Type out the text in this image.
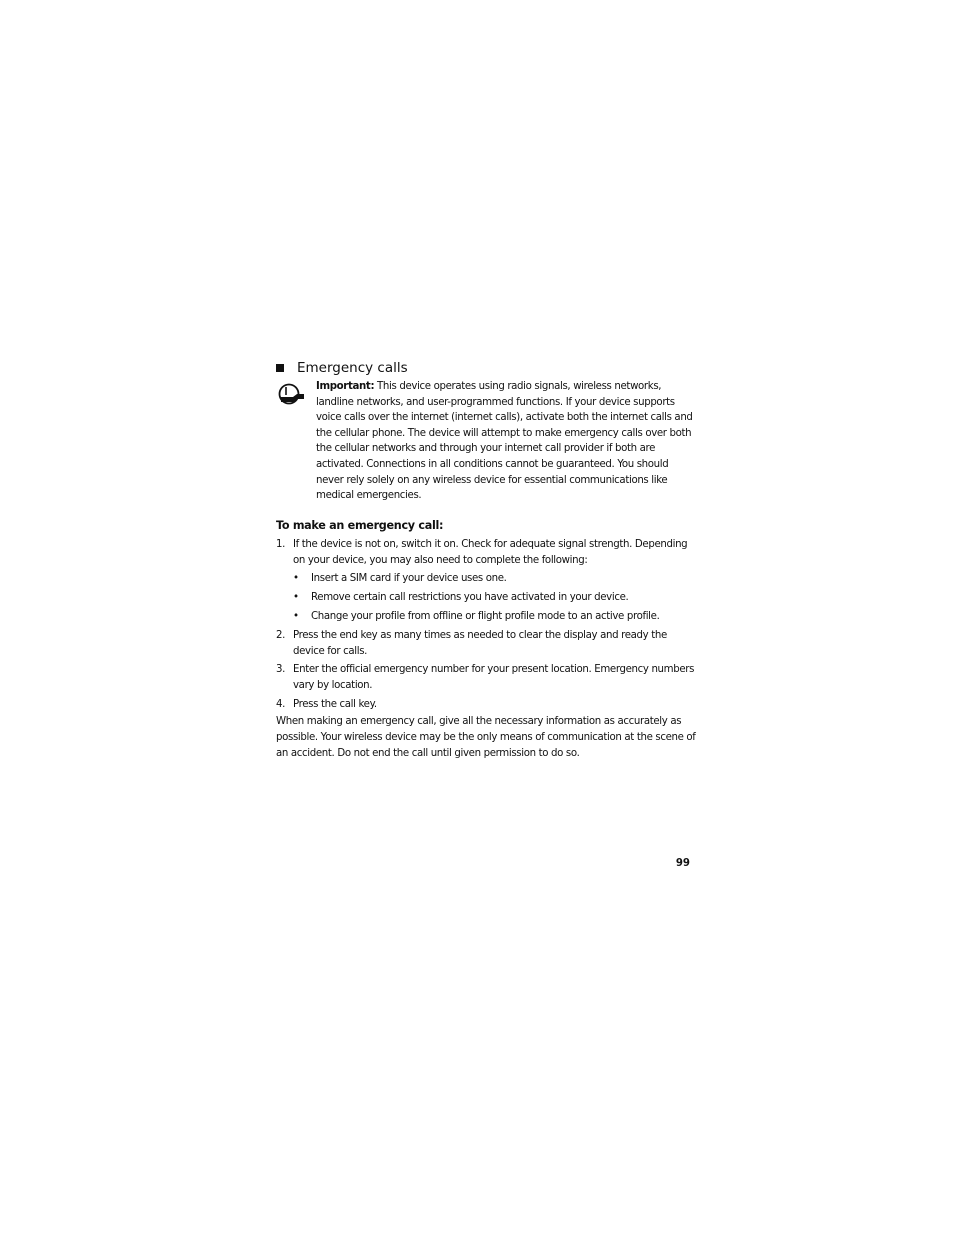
Emergency calls
Important: This device operates using radio signals, wireless networks, landline networks, and user-programmed functions. If your device supports voice calls over the internet (internet calls), activate both the internet calls and the cellular phone. The device will attempt to make emergency calls over both the cellular networks and through your internet call provider if both are activated. Connections in all conditions cannot be guaranteed. You should never rely solely on any wireless device for essential communications like medical emergencies.
To make an emergency call:
1. If the device is not on, switch it on. Check for adequate signal strength. Depending on your device, you may also need to complete the following:
• Insert a SIM card if your device uses one.
• Remove certain call restrictions you have activated in your device.
• Change your profile from offline or flight profile mode to an active profile.
2. Press the end key as many times as needed to clear the display and ready the device for calls.
3. Enter the official emergency number for your present location. Emergency numbers vary by location.
4. Press the call key.
When making an emergency call, give all the necessary information as accurately as possible. Your wireless device may be the only means of communication at the scene of an accident. Do not end the call until given permission to do so.
99
